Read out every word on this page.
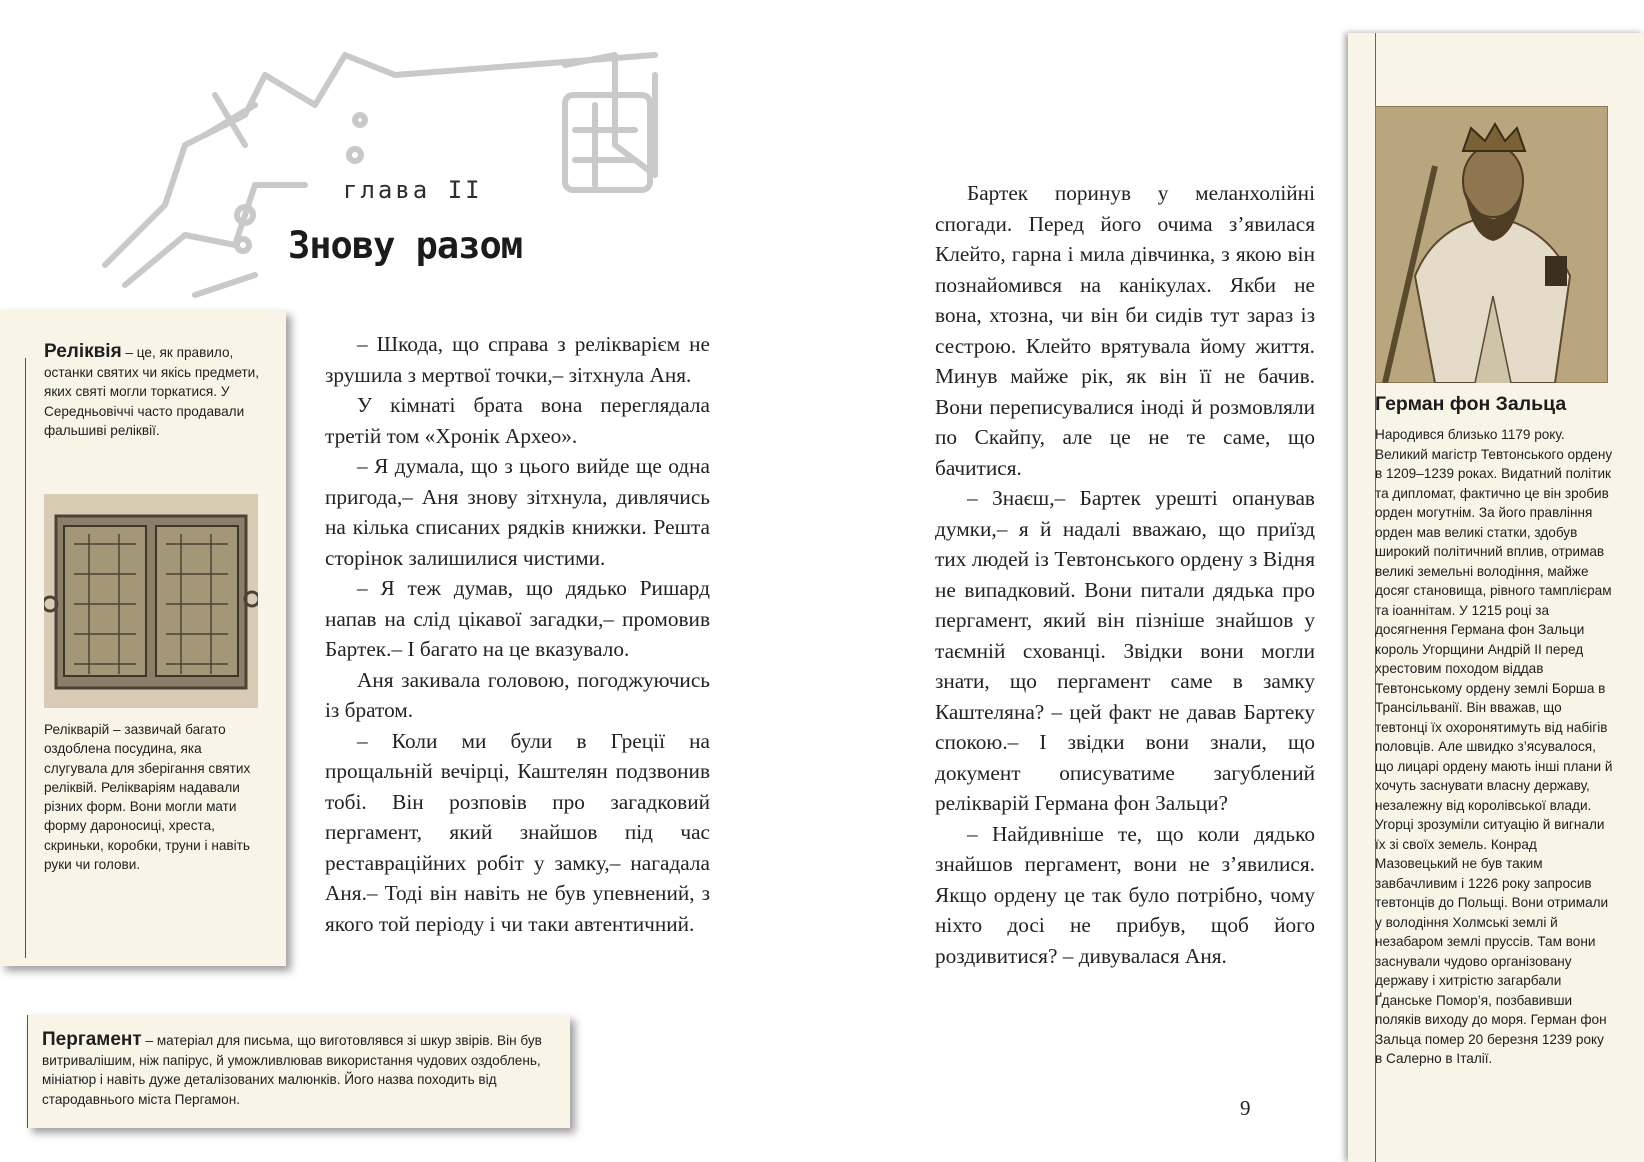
глава II
Знову разом
Релiквiя – це, як правило, останки святих чи якісь предмети, яких святі могли торкатися. У Середньовіччі часто продавали фальшиві реліквії.
Релікварій – зазвичай багато оздоблена посудина, яка слугувала для зберігання святих реліквій. Релікваріям надавали різних форм. Вони могли мати форму дароносиці, хреста, скриньки, коробки, труни і навіть руки чи голови.
Пергамент – матеріал для письма, що виготовлявся зі шкур звірів. Він був витривалішим, ніж папірус, й уможливлював використання чудових оздоблень, мініатюр і навіть дуже деталізованих малюнків. Його назва походить від стародавнього міста Пергамон.

– Шкода, що справа з релікварієм не зрушила з мертвої точки,– зітхнула Аня.

У кімнаті брата вона переглядала третій том «Хронік Архео».

– Я думала, що з цього вийде ще одна пригода,– Аня знову зітхнула, дивлячись на кілька списаних рядків книжки. Решта сторінок залишилися чистими.

– Я теж думав, що дядько Ришард напав на слід цікавої загадки,– промовив Бартек.– І багато на це вказувало.

Аня закивала головою, погоджуючись із братом.

– Коли ми були в Греції на прощальній вечірці, Каштелян подзвонив тобі. Він розповів про загадковий пергамент, який знайшов під час реставраційних робіт у замку,– нагадала Аня.– Тоді він навіть не був упевнений, з якого той періоду і чи таки автентичний.

Бартек поринув у меланхолійні спогади. Перед його очима з’явилася Клейто, гарна і мила дівчинка, з якою він познайомився на канікулах. Якби не вона, хтозна, чи він би сидів тут зараз із сестрою. Клейто врятувала йому життя. Минув майже рік, як він її не бачив. Вони переписувалися іноді й розмовляли по Скайпу, але це не те саме, що бачитися.

– Знаєш,– Бартек урешті опанував думки,– я й надалі вважаю, що приїзд тих людей із Тевтонського ордену з Відня не випадковий. Вони питали дядька про пергамент, який він пізніше знайшов у таємній схованці. Звідки вони могли знати, що пергамент саме в замку Каштеляна? – цей факт не давав Бартеку спокою.– І звідки вони знали, що документ описуватиме загублений релікварій Германа фон Зальци?

– Найдивніше те, що коли дядько знайшов пергамент, вони не з’явилися. Якщо ордену це так було потрібно, чому ніхто досі не прибув, щоб його роздивитися? – дивувалася Аня.

9
Герман фон Зальца
Народився близько 1179 року. Великий магістр Тевтонського ордену в 1209–1239 роках. Видатний політик та дипломат, фактично це він зробив орден могутнім. За його правління орден мав великі статки, здобув широкий політичний вплив, отримав великі земельні володіння, майже досяг становища, рівного тамплієрам та іоаннітам. У 1215 році за досягнення Германа фон Зальци король Угорщини Андрій II перед хрестовим походом віддав Тевтонському ордену землі Борша в Трансільванії. Він вважав, що тевтонці їх охоронятимуть від набігів половців. Але швидко з’ясувалося, що лицарі ордену мають інші плани й хочуть заснувати власну державу, незалежну від королівської влади. Угорці зрозуміли ситуацію й вигнали їх зі своїх земель. Конрад Мазовецький не був таким завбачливим і 1226 року запросив тевтонців до Польщі. Вони отримали у володіння Холмські землі й незабаром землі пруссів. Там вони заснували чудово організовану державу і хитрістю загарбали Ґданське Помор’я, позбавивши поляків виходу до моря. Герман фон Зальца помер 20 березня 1239 року в Салерно в Італії.
